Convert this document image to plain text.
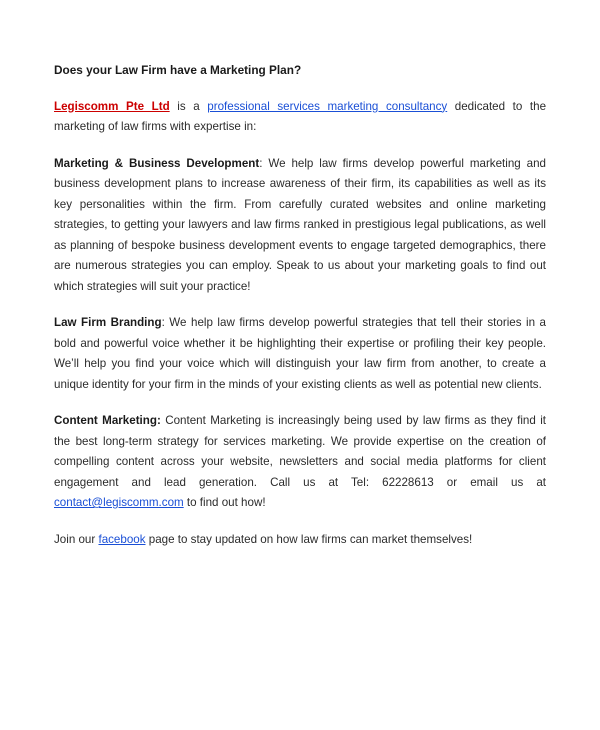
Does your Law Firm have a Marketing Plan?

Legiscomm Pte Ltd is a professional services marketing consultancy dedicated to the marketing of law firms with expertise in:

Marketing & Business Development: We help law firms develop powerful marketing and business development plans to increase awareness of their firm, its capabilities as well as its key personalities within the firm. From carefully curated websites and online marketing strategies, to getting your lawyers and law firms ranked in prestigious legal publications, as well as planning of bespoke business development events to engage targeted demographics, there are numerous strategies you can employ. Speak to us about your marketing goals to find out which strategies will suit your practice!

Law Firm Branding: We help law firms develop powerful strategies that tell their stories in a bold and powerful voice whether it be highlighting their expertise or profiling their key people. We’ll help you find your voice which will distinguish your law firm from another, to create a unique identity for your firm in the minds of your existing clients as well as potential new clients.

Content Marketing: Content Marketing is increasingly being used by law firms as they find it the best long-term strategy for services marketing. We provide expertise on the creation of compelling content across your website, newsletters and social media platforms for client engagement and lead generation. Call us at Tel: 62228613 or email us at contact@legiscomm.com to find out how!

Join our facebook page to stay updated on how law firms can market themselves!
